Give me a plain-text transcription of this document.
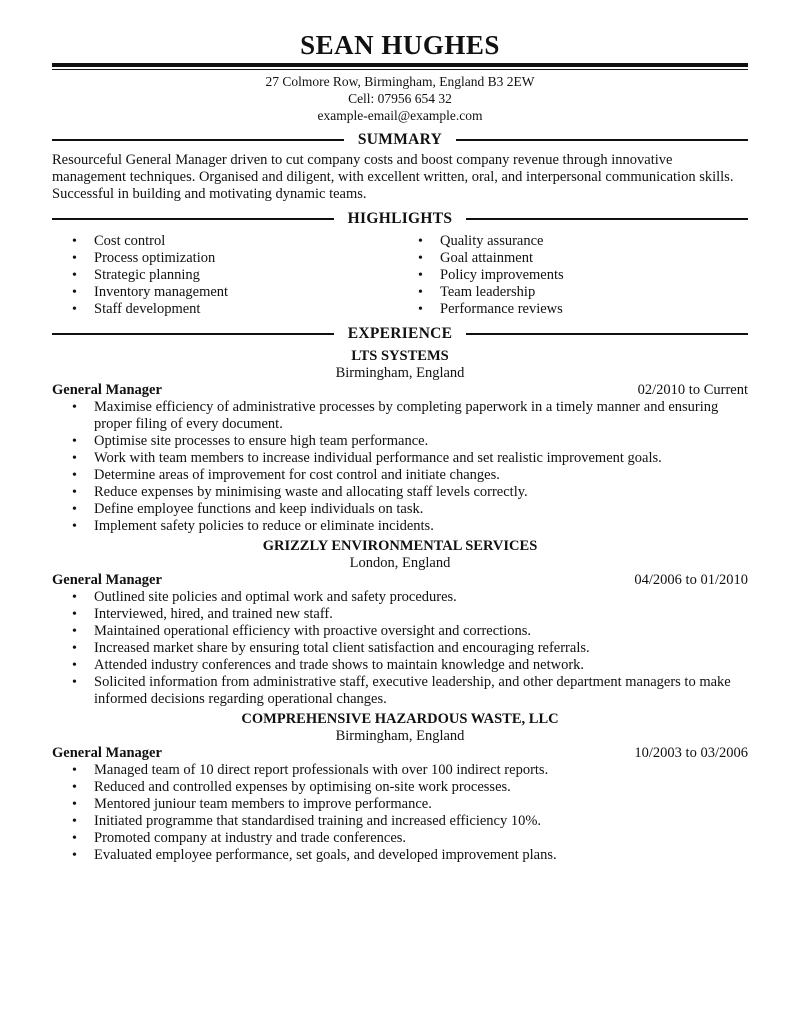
SEAN HUGHES
27 Colmore Row, Birmingham, England B3 2EW
Cell: 07956 654 32
example-email@example.com
SUMMARY
Resourceful General Manager driven to cut company costs and boost company revenue through innovative management techniques. Organised and diligent, with excellent written, oral, and interpersonal communication skills. Successful in building and motivating dynamic teams.
HIGHLIGHTS
• Cost control
• Process optimization
• Strategic planning
• Inventory management
• Staff development
• Quality assurance
• Goal attainment
• Policy improvements
• Team leadership
• Performance reviews
EXPERIENCE
LTS SYSTEMS
Birmingham, England
General Manager	02/2010 to Current
• Maximise efficiency of administrative processes by completing paperwork in a timely manner and ensuring proper filing of every document.
• Optimise site processes to ensure high team performance.
• Work with team members to increase individual performance and set realistic improvement goals.
• Determine areas of improvement for cost control and initiate changes.
• Reduce expenses by minimising waste and allocating staff levels correctly.
• Define employee functions and keep individuals on task.
• Implement safety policies to reduce or eliminate incidents.
GRIZZLY ENVIRONMENTAL SERVICES
London, England
General Manager	04/2006 to 01/2010
• Outlined site policies and optimal work and safety procedures.
• Interviewed, hired, and trained new staff.
• Maintained operational efficiency with proactive oversight and corrections.
• Increased market share by ensuring total client satisfaction and encouraging referrals.
• Attended industry conferences and trade shows to maintain knowledge and network.
• Solicited information from administrative staff, executive leadership, and other department managers to make informed decisions regarding operational changes.
COMPREHENSIVE HAZARDOUS WASTE, LLC
Birmingham, England
General Manager	10/2003 to 03/2006
• Managed team of 10 direct report professionals with over 100 indirect reports.
• Reduced and controlled expenses by optimising on-site work processes.
• Mentored juniour team members to improve performance.
• Initiated programme that standardised training and increased efficiency 10%.
• Promoted company at industry and trade conferences.
• Evaluated employee performance, set goals, and developed improvement plans.
